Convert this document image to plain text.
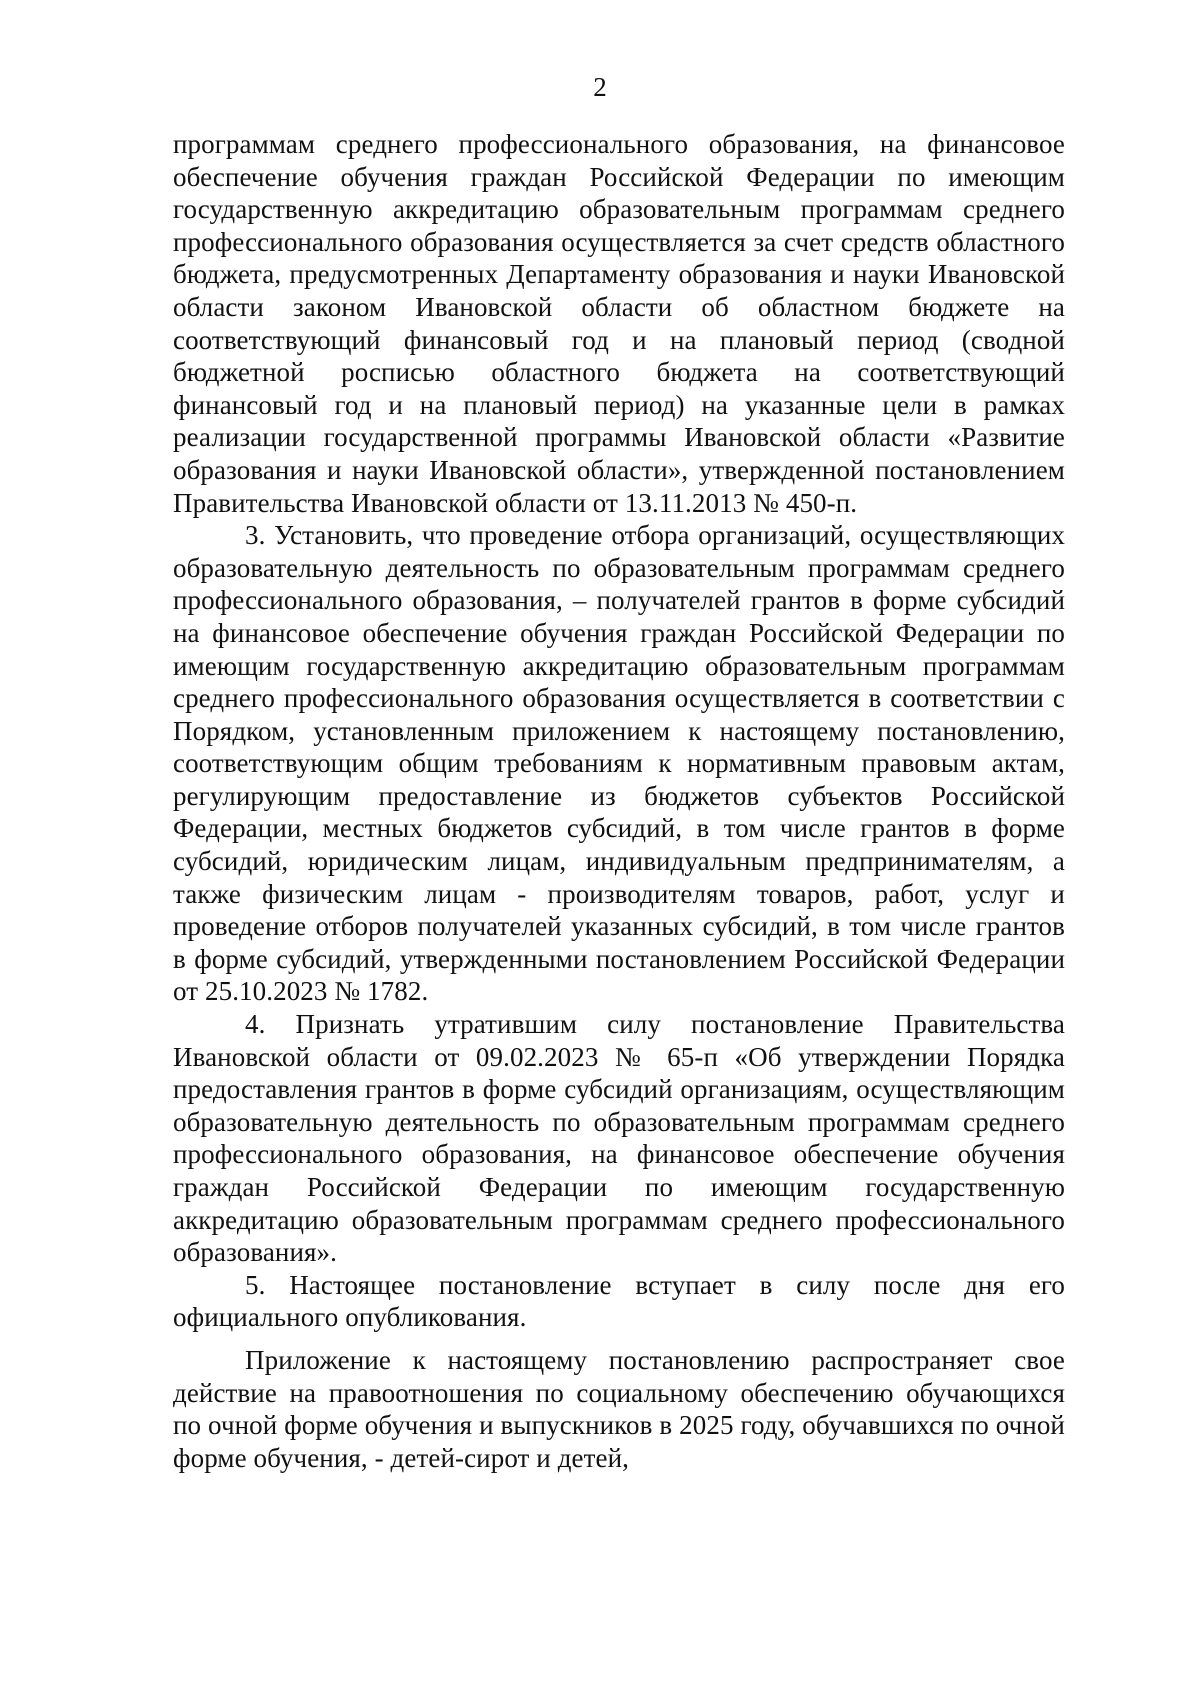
2

программам среднего профессионального образования, на финансовое обеспечение обучения граждан Российской Федерации по имеющим государственную аккредитацию образовательным программам среднего профессионального образования осуществляется за счет средств областного бюджета, предусмотренных Департаменту образования и науки Ивановской области законом Ивановской области об областном бюджете на соответствующий финансовый год и на плановый период (сводной бюджетной росписью областного бюджета на соответствующий финансовый год и на плановый период) на указанные цели в рамках реализации государственной программы Ивановской области «Развитие образования и науки Ивановской области», утвержденной постановлением Правительства Ивановской области от 13.11.2013 № 450-п.

3. Установить, что проведение отбора организаций, осуществляющих образовательную деятельность по образовательным программам среднего профессионального образования, – получателей грантов в форме субсидий на финансовое обеспечение обучения граждан Российской Федерации по имеющим государственную аккредитацию образовательным программам среднего профессионального образования осуществляется в соответствии с Порядком, установленным приложением к настоящему постановлению, соответствующим общим требованиям к нормативным правовым актам, регулирующим предоставление из бюджетов субъектов Российской Федерации, местных бюджетов субсидий, в том числе грантов в форме субсидий, юридическим лицам, индивидуальным предпринимателям, а также физическим лицам - производителям товаров, работ, услуг и проведение отборов получателей указанных субсидий, в том числе грантов в форме субсидий, утвержденными постановлением Российской Федерации от 25.10.2023 № 1782.

4. Признать утратившим силу постановление Правительства Ивановской области от 09.02.2023 № 65-п «Об утверждении Порядка предоставления грантов в форме субсидий организациям, осуществляющим образовательную деятельность по образовательным программам среднего профессионального образования, на финансовое обеспечение обучения граждан Российской Федерации по имеющим государственную аккредитацию образовательным программам среднего профессионального образования».

5. Настоящее постановление вступает в силу после дня его официального опубликования.

Приложение к настоящему постановлению распространяет свое действие на правоотношения по социальному обеспечению обучающихся по очной форме обучения и выпускников в 2025 году, обучавшихся по очной форме обучения, - детей-сирот и детей,
